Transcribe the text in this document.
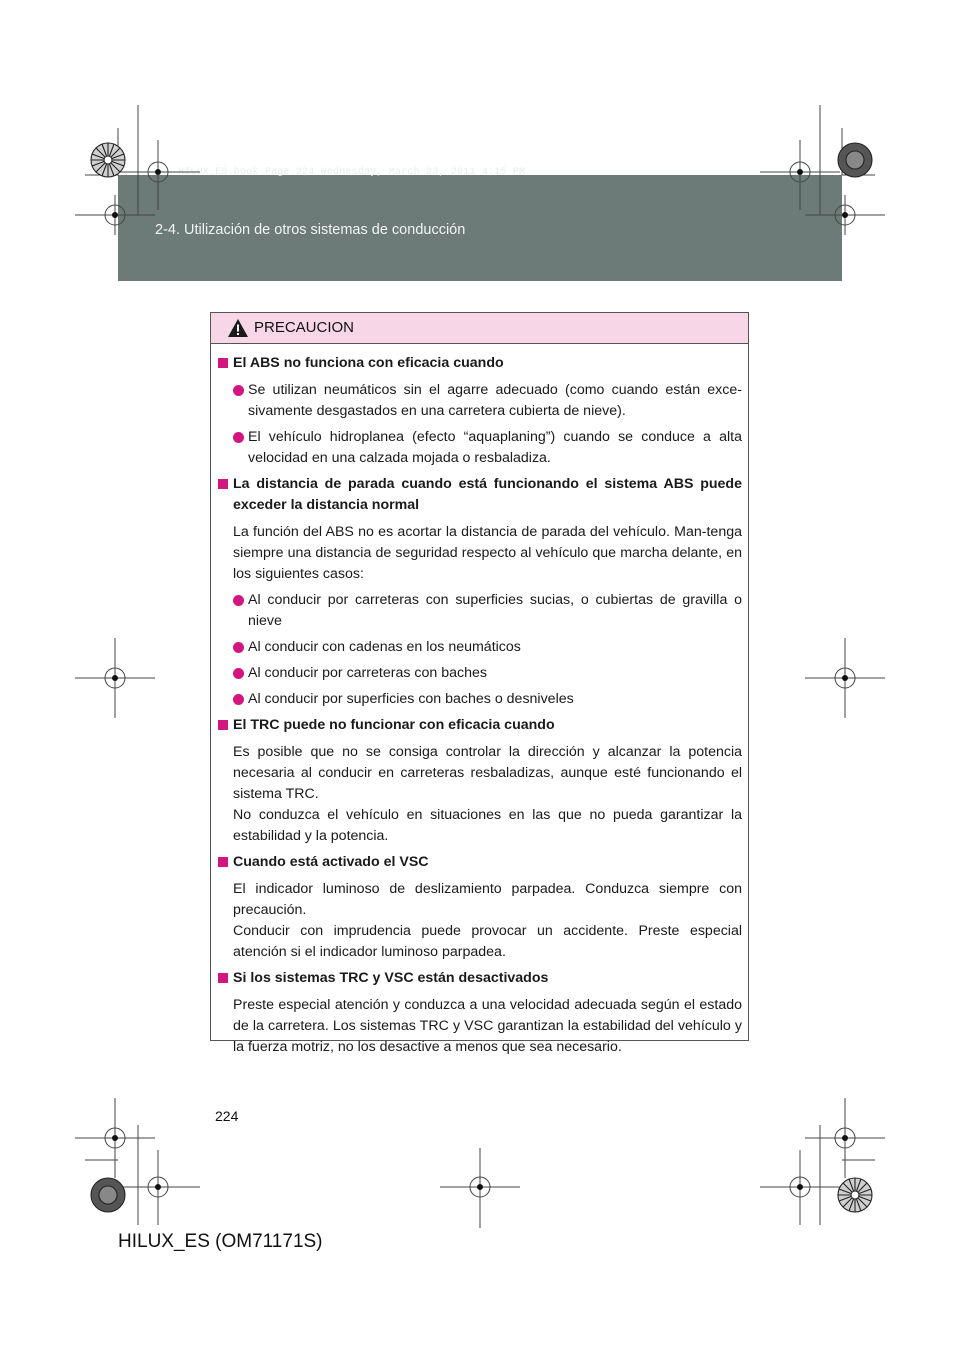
HILUX_ES.book Page 224 Wednesday, March 23, 2011 4:15 PM
2-4. Utilización de otros sistemas de conducción
PRECAUCION
El ABS no funciona con eficacia cuando
Se utilizan neumáticos sin el agarre adecuado (como cuando están exce-sivamente desgastados en una carretera cubierta de nieve).
El vehículo hidroplanea (efecto “aquaplaning”) cuando se conduce a alta velocidad en una calzada mojada o resbaladiza.
La distancia de parada cuando está funcionando el sistema ABS puede exceder la distancia normal
La función del ABS no es acortar la distancia de parada del vehículo. Man-tenga siempre una distancia de seguridad respecto al vehículo que marcha delante, en los siguientes casos:
Al conducir por carreteras con superficies sucias, o cubiertas de gravilla o nieve
Al conducir con cadenas en los neumáticos
Al conducir por carreteras con baches
Al conducir por superficies con baches o desniveles
El TRC puede no funcionar con eficacia cuando
Es posible que no se consiga controlar la dirección y alcanzar la potencia necesaria al conducir en carreteras resbaladizas, aunque esté funcionando el sistema TRC.
No conduzca el vehículo en situaciones en las que no pueda garantizar la estabilidad y la potencia.
Cuando está activado el VSC
El indicador luminoso de deslizamiento parpadea. Conduzca siempre con precaución.
Conducir con imprudencia puede provocar un accidente. Preste especial atención si el indicador luminoso parpadea.
Si los sistemas TRC y VSC están desactivados
Preste especial atención y conduzca a una velocidad adecuada según el estado de la carretera. Los sistemas TRC y VSC garantizan la estabilidad del vehículo y la fuerza motriz, no los desactive a menos que sea necesario.
224
HILUX_ES (OM71171S)
